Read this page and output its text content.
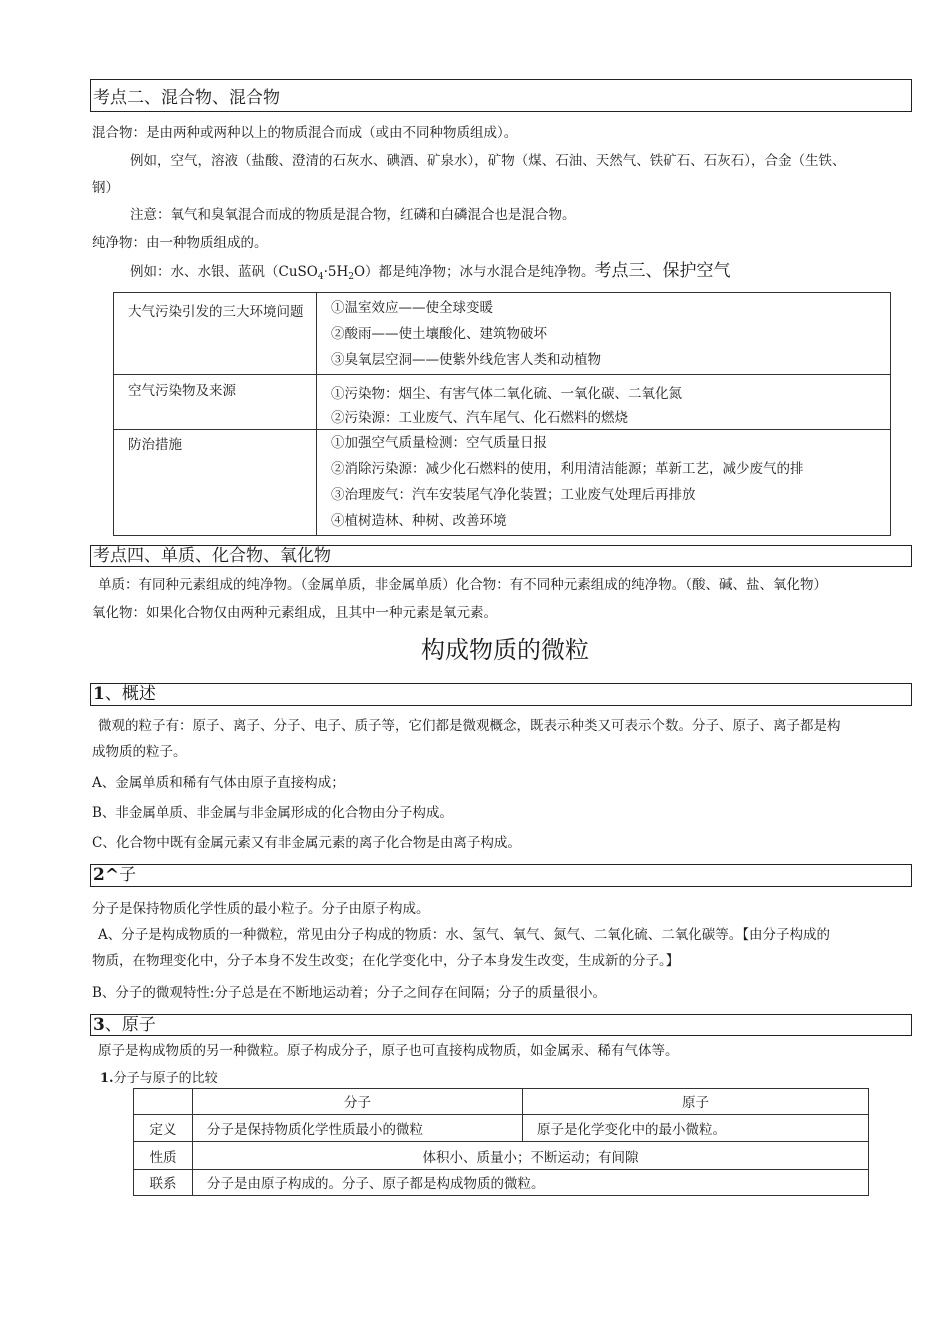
考点二、混合物、混合物
混合物：是由两种或两种以上的物质混合而成（或由不同种物质组成）。
例如，空气，溶液（盐酸、澄清的石灰水、碘酒、矿泉水），矿物（煤、石油、天然气、铁矿石、石灰石），合金（生铁、
钢）
注意：氧气和臭氧混合而成的物质是混合物，红磷和白磷混合也是混合物。
纯净物：由一种物质组成的。
例如：水、水银、蓝矾$(CuSO_4\cdot 5H_2O)$都是纯净物；冰与水混合是纯净物。考点三、保护空气
大气污染引发的三大环境问题	①温室效应——使全球变暖
②酸雨——使土壤酸化、建筑物破坏
③臭氧层空洞——使紫外线危害人类和动植物

空气污染物及来源	①污染物：烟尘、有害气体二氧化硫、一氧化碳、二氧化氮
②污染源：工业废气、汽车尾气、化石燃料的燃烧

防治措施	①加强空气质量检测：空气质量日报
②消除污染源：减少化石燃料的使用，利用清洁能源；革新工艺，减少废气的排
③治理废气：汽车安装尾气净化装置；工业废气处理后再排放
④植树造林、种树、改善环境
考点四、单质、化合物、氧化物
单质：有同种元素组成的纯净物。（金属单质，非金属单质）化合物：有不同种元素组成的纯净物。（酸、碱、盐、氧化物）
氧化物：如果化合物仅由两种元素组成，且其中一种元素是氧元素。
构成物质的微粒
1、概述
微观的粒子有：原子、离子、分子、电子、质子等，它们都是微观概念，既表示种类又可表示个数。分子、原子、离子都是构
成物质的粒子。
A、金属单质和稀有气体由原子直接构成；
B、非金属单质、非金属与非金属形成的化合物由分子构成。
C、化合物中既有金属元素又有非金属元素的离子化合物是由离子构成。
2^子
分子是保持物质化学性质的最小粒子。分子由原子构成。
A、分子是构成物质的一种微粒，常见由分子构成的物质：水、氢气、氧气、氮气、二氧化硫、二氧化碳等。【由分子构成的
物质，在物理变化中，分子本身不发生改变；在化学变化中，分子本身发生改变，生成新的分子。】
B、分子的微观特性:分子总是在不断地运动着；分子之间存在间隔；分子的质量很小。
3、原子
原子是构成物质的另一种微粒。原子构成分子，原子也可直接构成物质，如金属汞、稀有气体等。
1.分子与原子的比较
	分子	原子
定义	分子是保持物质化学性质最小的微粒	原子是化学变化中的最小微粒。
性质	体积小、质量小；不断运动；有间隙	
联系	分子是由原子构成的。分子、原子都是构成物质的微粒。	
